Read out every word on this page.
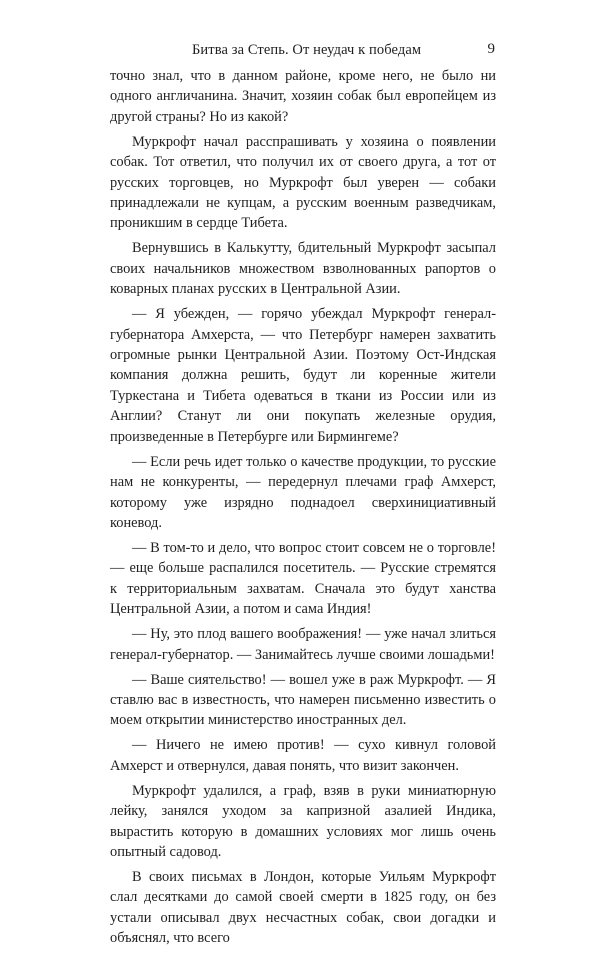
Битва за Степь. От неудач к победам	9

точно знал, что в данном районе, кроме него, не было ни одного англичанина. Значит, хозяин собак был европейцем из другой страны? Но из какой?

Муркрофт начал расспрашивать у хозяина о появлении собак. Тот ответил, что получил их от своего друга, а тот от русских торговцев, но Муркрофт был уверен — собаки принадлежали не купцам, а русским военным разведчикам, проникшим в сердце Тибета.

Вернувшись в Калькутту, бдительный Муркрофт засыпал своих начальников множеством взволнованных рапортов о коварных планах русских в Центральной Азии.

— Я убежден, — горячо убеждал Муркрофт генерал-губернатора Амхерста, — что Петербург намерен захватить огромные рынки Центральной Азии. Поэтому Ост-Индская компания должна решить, будут ли коренные жители Туркестана и Тибета одеваться в ткани из России или из Англии? Станут ли они покупать железные орудия, произведенные в Петербурге или Бирмингеме?

— Если речь идет только о качестве продукции, то русские нам не конкуренты, — передернул плечами граф Амхерст, которому уже изрядно поднадоел сверхинициативный коневод.

— В том-то и дело, что вопрос стоит совсем не о торговле! — еще больше распалился посетитель. — Русские стремятся к территориальным захватам. Сначала это будут ханства Центральной Азии, а потом и сама Индия!

— Ну, это плод вашего воображения! — уже начал злиться генерал-губернатор. — Занимайтесь лучше своими лошадьми!

— Ваше сиятельство! — вошел уже в раж Муркрофт. — Я ставлю вас в известность, что намерен письменно известить о моем открытии министерство иностранных дел.

— Ничего не имею против! — сухо кивнул головой Амхерст и отвернулся, давая понять, что визит закончен.

Муркрофт удалился, а граф, взяв в руки миниатюрную лейку, занялся уходом за капризной азалией Индика, вырастить которую в домашних условиях мог лишь очень опытный садовод.

В своих письмах в Лондон, которые Уильям Муркрофт слал десятками до самой своей смерти в 1825 году, он без устали описывал двух несчастных собак, свои догадки и объяснял, что всего
